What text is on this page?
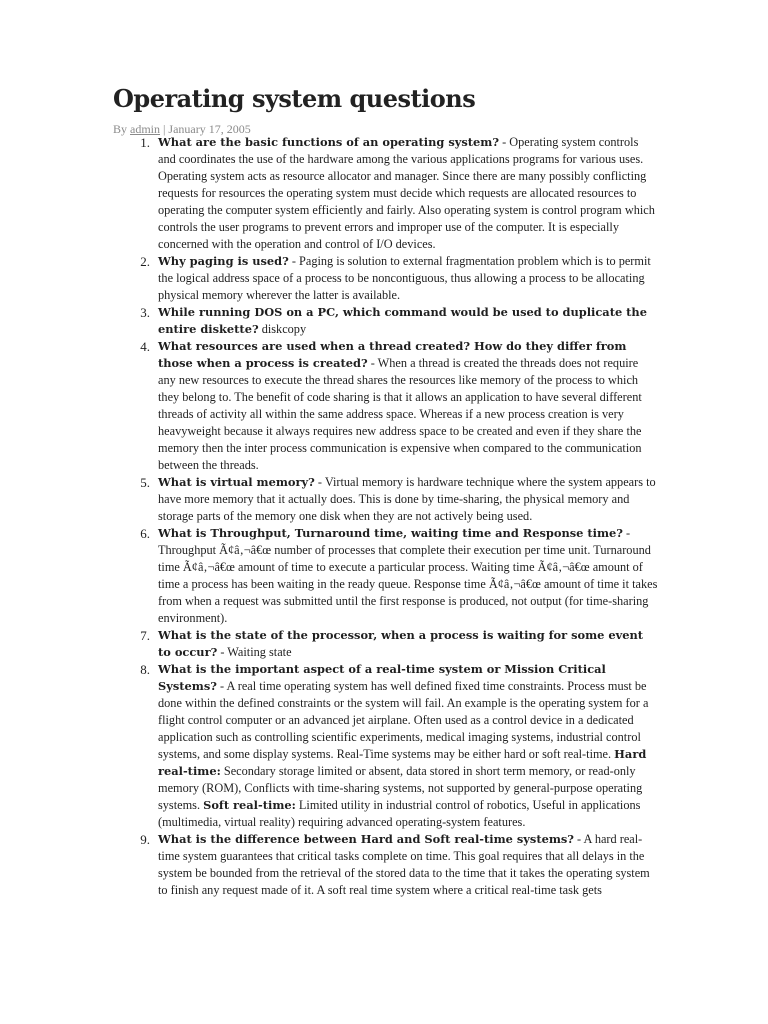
Operating system questions
By admin | January 17, 2005
1. What are the basic functions of an operating system? - Operating system controls and coordinates the use of the hardware among the various applications programs for various uses. Operating system acts as resource allocator and manager. Since there are many possibly conflicting requests for resources the operating system must decide which requests are allocated resources to operating the computer system efficiently and fairly. Also operating system is control program which controls the user programs to prevent errors and improper use of the computer. It is especially concerned with the operation and control of I/O devices.
2. Why paging is used? - Paging is solution to external fragmentation problem which is to permit the logical address space of a process to be noncontiguous, thus allowing a process to be allocating physical memory wherever the latter is available.
3. While running DOS on a PC, which command would be used to duplicate the entire diskette? diskcopy
4. What resources are used when a thread created? How do they differ from those when a process is created? - When a thread is created the threads does not require any new resources to execute the thread shares the resources like memory of the process to which they belong to. The benefit of code sharing is that it allows an application to have several different threads of activity all within the same address space. Whereas if a new process creation is very heavyweight because it always requires new address space to be created and even if they share the memory then the inter process communication is expensive when compared to the communication between the threads.
5. What is virtual memory? - Virtual memory is hardware technique where the system appears to have more memory that it actually does. This is done by time-sharing, the physical memory and storage parts of the memory one disk when they are not actively being used.
6. What is Throughput, Turnaround time, waiting time and Response time? - Throughput Ã¢â‚¬â€œ number of processes that complete their execution per time unit. Turnaround time Ã¢â‚¬â€œ amount of time to execute a particular process. Waiting time Ã¢â‚¬â€œ amount of time a process has been waiting in the ready queue. Response time Ã¢â‚¬â€œ amount of time it takes from when a request was submitted until the first response is produced, not output (for time-sharing environment).
7. What is the state of the processor, when a process is waiting for some event to occur? - Waiting state
8. What is the important aspect of a real-time system or Mission Critical Systems? - A real time operating system has well defined fixed time constraints. Process must be done within the defined constraints or the system will fail. An example is the operating system for a flight control computer or an advanced jet airplane. Often used as a control device in a dedicated application such as controlling scientific experiments, medical imaging systems, industrial control systems, and some display systems. Real-Time systems may be either hard or soft real-time. Hard real-time: Secondary storage limited or absent, data stored in short term memory, or read-only memory (ROM), Conflicts with time-sharing systems, not supported by general-purpose operating systems. Soft real-time: Limited utility in industrial control of robotics, Useful in applications (multimedia, virtual reality) requiring advanced operating-system features.
9. What is the difference between Hard and Soft real-time systems? - A hard real-time system guarantees that critical tasks complete on time. This goal requires that all delays in the system be bounded from the retrieval of the stored data to the time that it takes the operating system to finish any request made of it. A soft real time system where a critical real-time task gets
